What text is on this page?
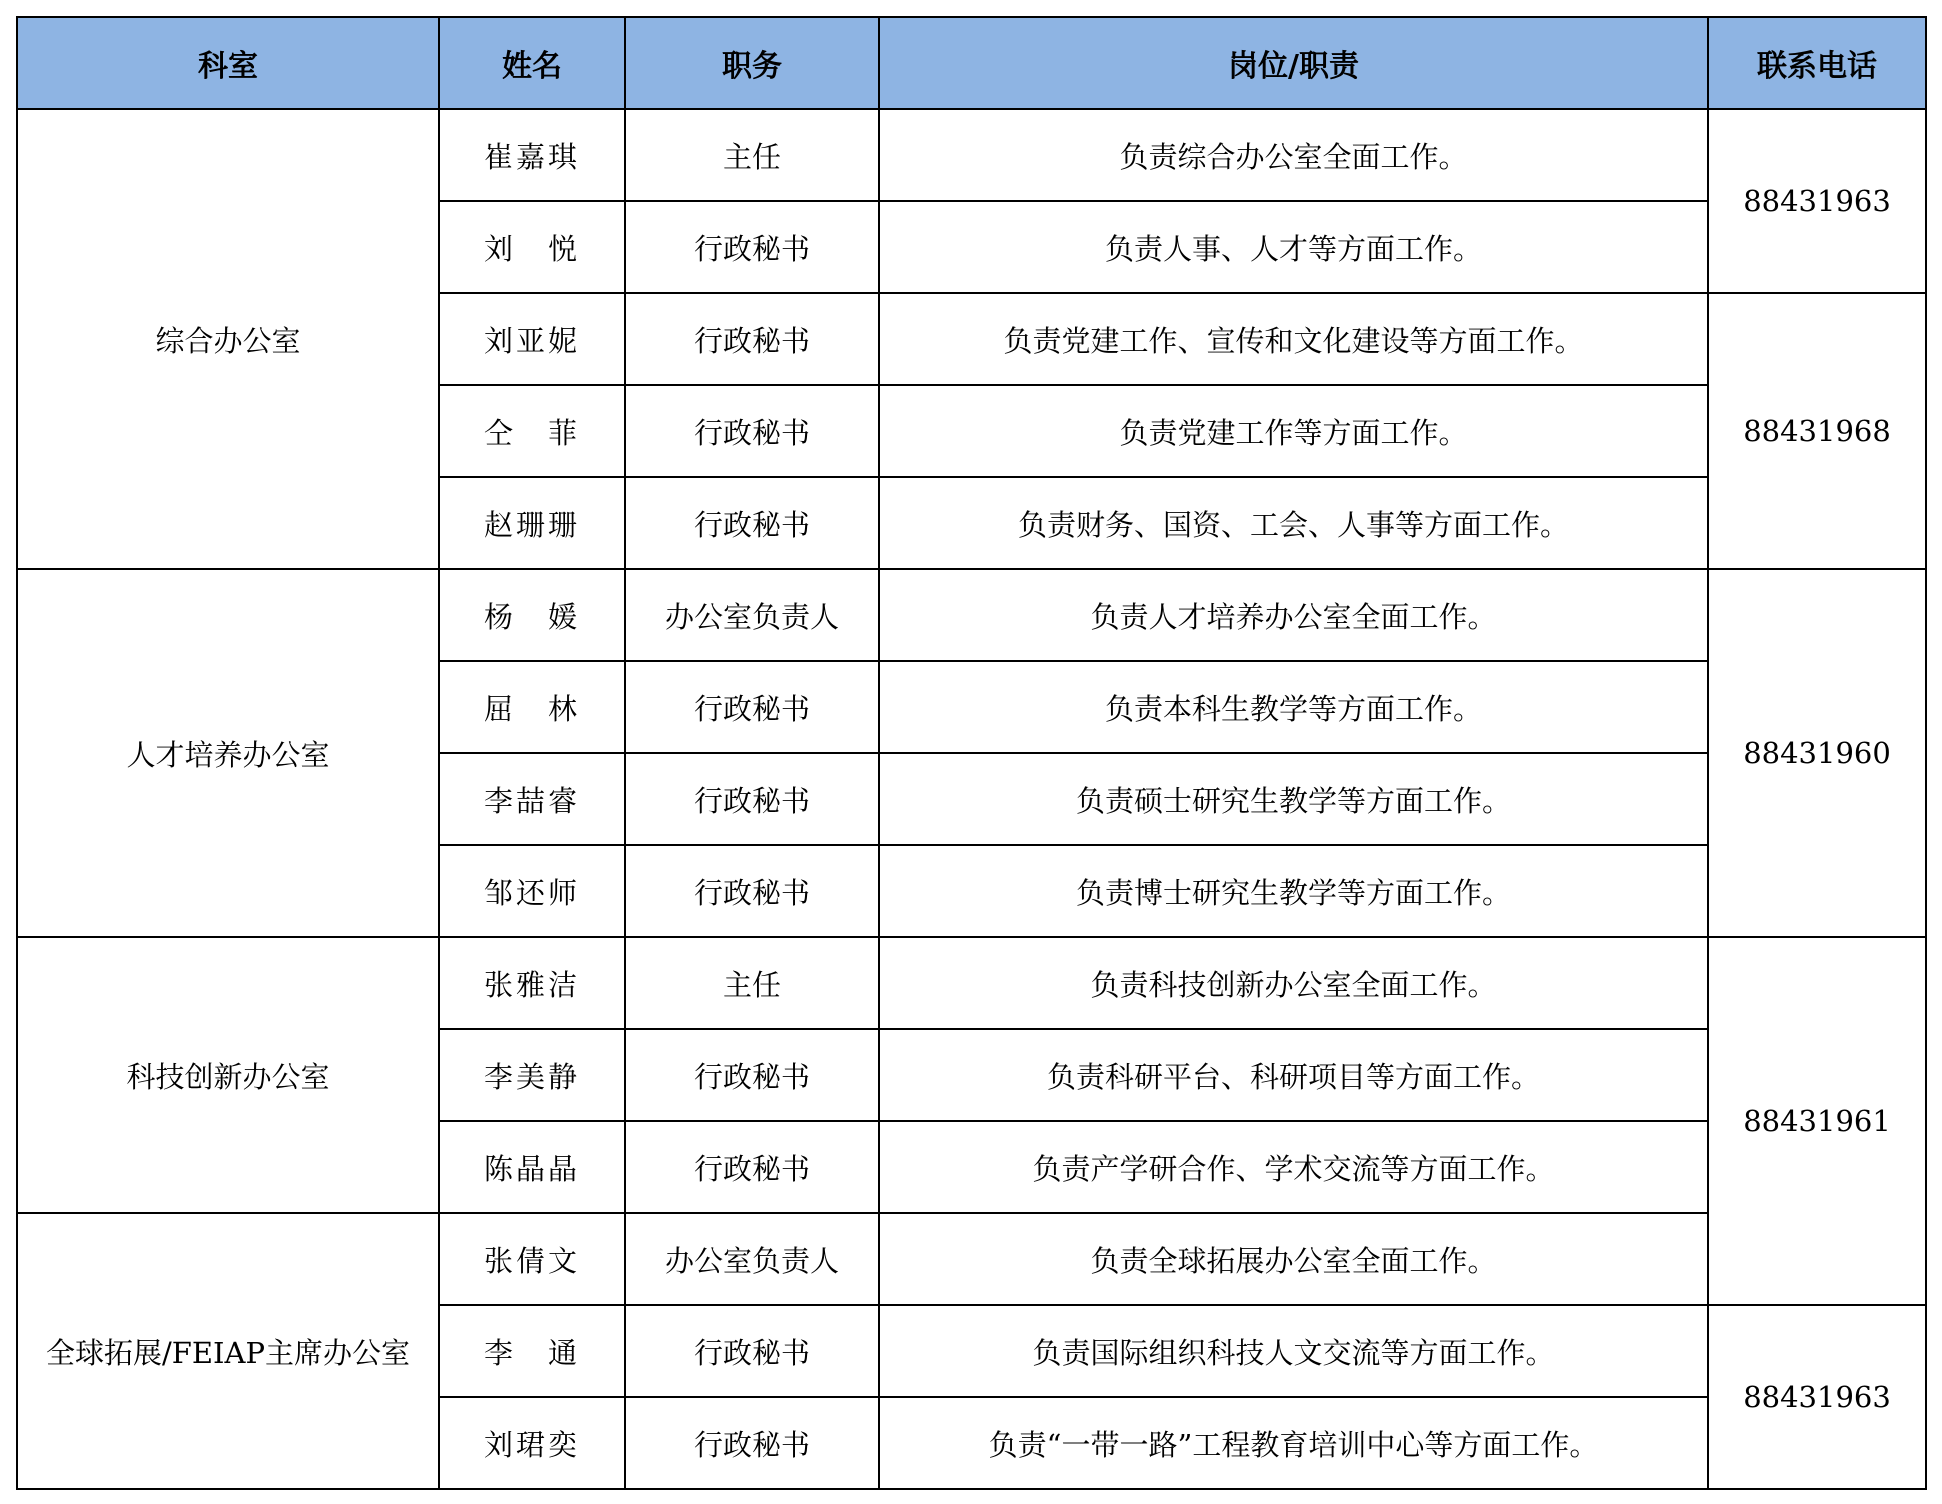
科室	姓名	职务	岗位/职责	联系电话
综合办公室	崔嘉琪	主任	负责综合办公室全面工作。	88431963
	刘　悦	行政秘书	负责人事、人才等方面工作。	
	刘亚妮	行政秘书	负责党建工作、宣传和文化建设等方面工作。	88431968
	仝　菲	行政秘书	负责党建工作等方面工作。	
	赵珊珊	行政秘书	负责财务、国资、工会、人事等方面工作。	
人才培养办公室	杨　媛	办公室负责人	负责人才培养办公室全面工作。	88431960
	屈　林	行政秘书	负责本科生教学等方面工作。	
	李喆睿	行政秘书	负责硕士研究生教学等方面工作。	
	邹还师	行政秘书	负责博士研究生教学等方面工作。	
科技创新办公室	张雅洁	主任	负责科技创新办公室全面工作。	88431961
	李美静	行政秘书	负责科研平台、科研项目等方面工作。	
	陈晶晶	行政秘书	负责产学研合作、学术交流等方面工作。	
全球拓展/FEIAP主席办公室	张倩文	办公室负责人	负责全球拓展办公室全面工作。	
	李　通	行政秘书	负责国际组织科技人文交流等方面工作。	88431963
	刘珺奕	行政秘书	负责“一带一路”工程教育培训中心等方面工作。	
